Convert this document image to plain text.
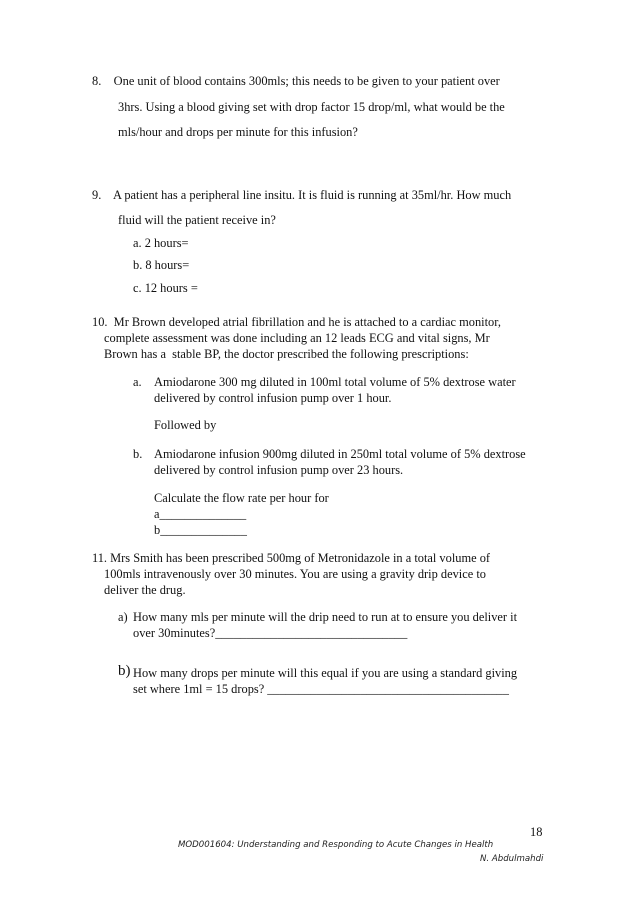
8.    One unit of blood contains 300mls; this needs to be given to your patient over
3hrs. Using a blood giving set with drop factor 15 drop/ml, what would be the
mls/hour and drops per minute for this infusion?
9.    A patient has a peripheral line insitu. It is fluid is running at 35ml/hr. How much
fluid will the patient receive in?
a. 2 hours=
b. 8 hours=
c. 12 hours =
10.  Mr Brown developed atrial fibrillation and he is attached to a cardiac monitor,
complete assessment was done including an 12 leads ECG and vital signs, Mr
Brown has a  stable BP, the doctor prescribed the following prescriptions:
a. Amiodarone 300 mg diluted in 100ml total volume of 5% dextrose water
delivered by control infusion pump over 1 hour.
Followed by
b. Amiodarone infusion 900mg diluted in 250ml total volume of 5% dextrose
delivered by control infusion pump over 23 hours.
Calculate the flow rate per hour for
a______________
b______________
11. Mrs Smith has been prescribed 500mg of Metronidazole in a total volume of
100mls intravenously over 30 minutes. You are using a gravity drip device to
deliver the drug.
a) How many mls per minute will the drip need to run at to ensure you deliver it
over 30minutes?_______________________________
b) How many drops per minute will this equal if you are using a standard giving
set where 1ml = 15 drops? _______________________________________
18
MOD001604: Understanding and Responding to Acute Changes in Health
N. Abdulmahdi
